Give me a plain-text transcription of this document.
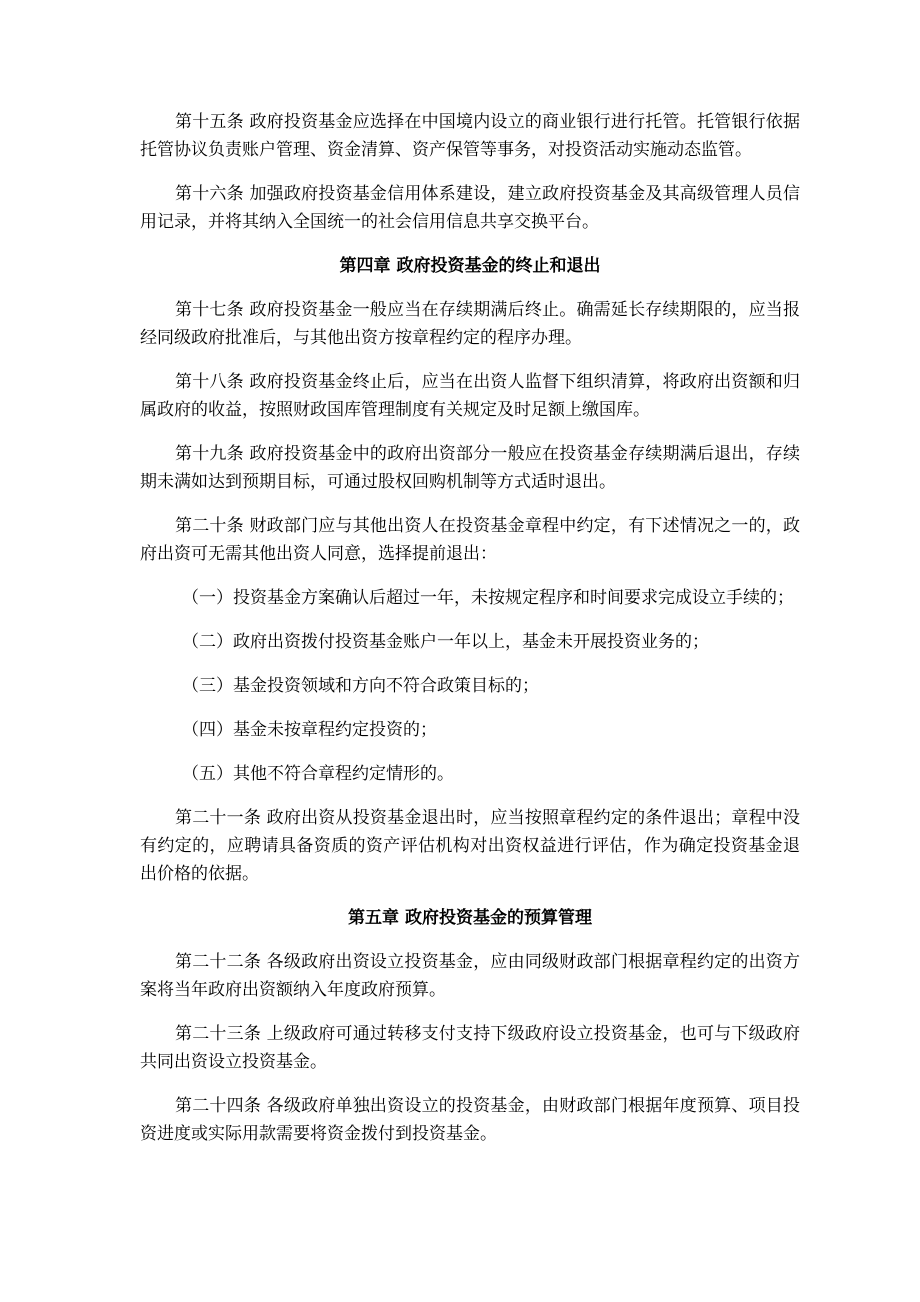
第十五条 政府投资基金应选择在中国境内设立的商业银行进行托管。托管银行依据托管协议负责账户管理、资金清算、资产保管等事务，对投资活动实施动态监管。

第十六条 加强政府投资基金信用体系建设，建立政府投资基金及其高级管理人员信用记录，并将其纳入全国统一的社会信用信息共享交换平台。

第四章 政府投资基金的终止和退出

第十七条 政府投资基金一般应当在存续期满后终止。确需延长存续期限的，应当报经同级政府批准后，与其他出资方按章程约定的程序办理。

第十八条 政府投资基金终止后，应当在出资人监督下组织清算，将政府出资额和归属政府的收益，按照财政国库管理制度有关规定及时足额上缴国库。

第十九条 政府投资基金中的政府出资部分一般应在投资基金存续期满后退出，存续期未满如达到预期目标，可通过股权回购机制等方式适时退出。

第二十条 财政部门应与其他出资人在投资基金章程中约定，有下述情况之一的，政府出资可无需其他出资人同意，选择提前退出：

（一）投资基金方案确认后超过一年，未按规定程序和时间要求完成设立手续的；

（二）政府出资拨付投资基金账户一年以上，基金未开展投资业务的；

（三）基金投资领域和方向不符合政策目标的；

（四）基金未按章程约定投资的；

（五）其他不符合章程约定情形的。

第二十一条 政府出资从投资基金退出时，应当按照章程约定的条件退出；章程中没有约定的，应聘请具备资质的资产评估机构对出资权益进行评估，作为确定投资基金退出价格的依据。

第五章 政府投资基金的预算管理

第二十二条 各级政府出资设立投资基金，应由同级财政部门根据章程约定的出资方案将当年政府出资额纳入年度政府预算。

第二十三条 上级政府可通过转移支付支持下级政府设立投资基金，也可与下级政府共同出资设立投资基金。

第二十四条 各级政府单独出资设立的投资基金，由财政部门根据年度预算、项目投资进度或实际用款需要将资金拨付到投资基金。
